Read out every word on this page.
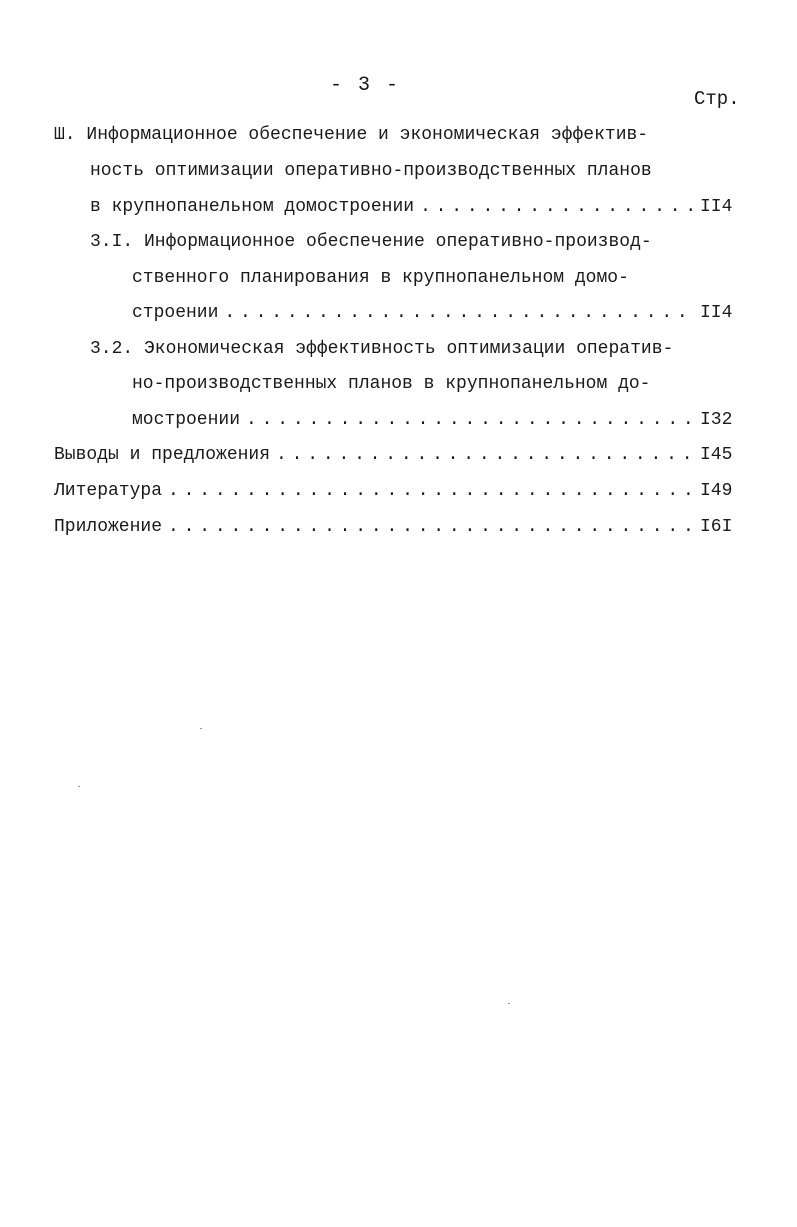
- 3 -
Стр.
Ш. Информационное обеспечение и экономическая эффектив-
ность оптимизации оперативно-производственных планов
в крупнопанельном домостроении . . .	II4
3.I. Информационное обеспечение оперативно-производ-
ственного планирования в крупнопанельном домо-
строении . . .	II4
3.2. Экономическая эффективность оптимизации оператив-
но-производственных планов в крупнопанельном до-
мостроении . . .	I32
Выводы и предложения . . .	I45
Литература . . .	I49
Приложение . . .	I6I
